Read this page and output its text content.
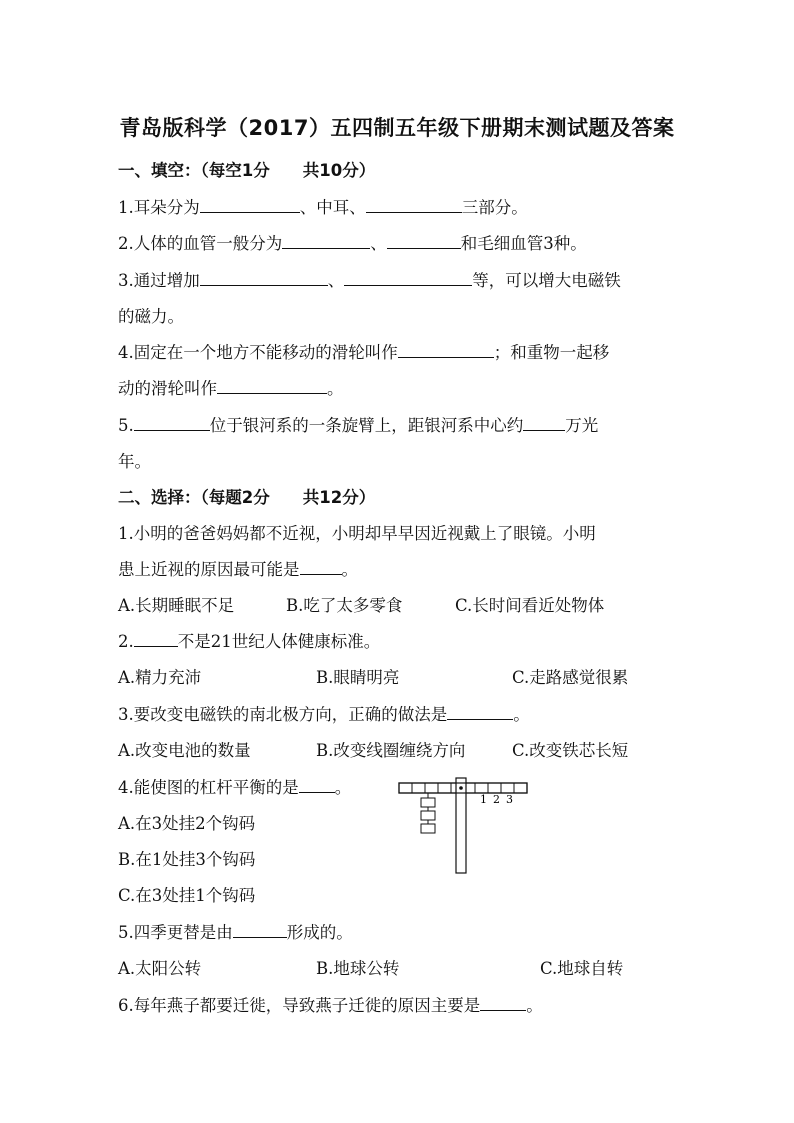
青岛版科学（2017）五四制五年级下册期末测试题及答案
一、填空：（每空1分　　共10分）
1.耳朵分为	、中耳、	三部分。
2.人体的血管一般分为	、	和毛细血管3种。
3.通过增加	、	等，可以增大电磁铁
的磁力。
4.固定在一个地方不能移动的滑轮叫作	；和重物一起移
动的滑轮叫作	。
5.	位于银河系的一条旋臂上，距银河系中心约	万光
年。
二、选择：（每题2分　　共12分）
1.小明的爸爸妈妈都不近视，小明却早早因近视戴上了眼镜。小明
患上近视的原因最可能是	。
A.长期睡眠不足	B.吃了太多零食	C.长时间看近处物体
2.	不是21世纪人体健康标准。
A.精力充沛	B.眼睛明亮	C.走路感觉很累
3.要改变电磁铁的南北极方向，正确的做法是	。
A.改变电池的数量	B.改变线圈缠绕方向	C.改变铁芯长短
4.能使图的杠杆平衡的是 。
1 2 3
A.在3处挂2个钩码
B.在1处挂3个钩码
C.在3处挂1个钩码
5.四季更替是由	形成的。
A.太阳公转	B.地球公转	C.地球自转
6.每年燕子都要迁徙，导致燕子迁徙的原因主要是	。
